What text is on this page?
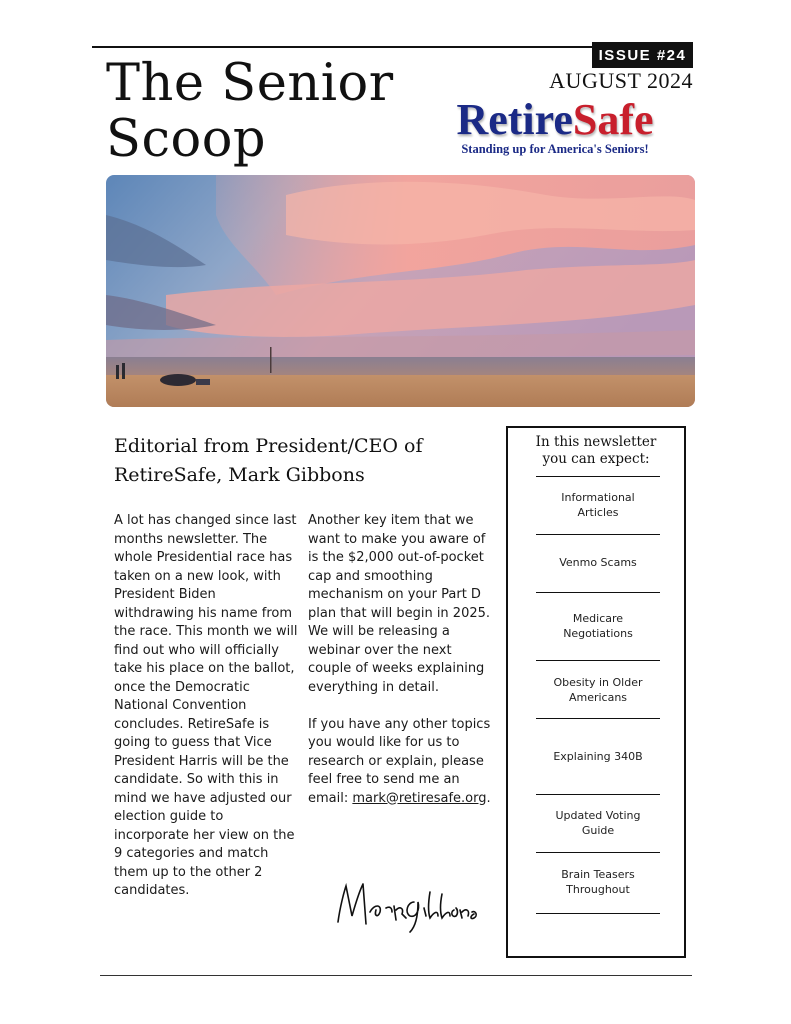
ISSUE #24
AUGUST 2024
The Senior
Scoop	RetireSafe
Standing up for America's Seniors!
Editorial from President/CEO of RetireSafe, Mark Gibbons

A lot has changed since last months newsletter. The whole Presidential race has taken on a new look, with President Biden withdrawing his name from the race. This month we will find out who will officially take his place on the ballot, once the Democratic National Convention concludes. RetireSafe is going to guess that Vice President Harris will be the candidate. So with this in mind we have adjusted our election guide to incorporate her view on the 9 categories and match them up to the other 2 candidates.

Another key item that we want to make you aware of is the $2,000 out-of-pocket cap and smoothing mechanism on your Part D plan that will begin in 2025. We will be releasing a webinar over the next couple of weeks explaining everything in detail.

If you have any other topics you would like for us to research or explain, please feel free to send me an email: mark@retiresafe.org.

In this newsletter
you can expect:
Informational
Articles
Venmo Scams
Medicare
Negotiations
Obesity in Older
Americans
Explaining 340B
Updated Voting
Guide
Brain Teasers
Throughout
